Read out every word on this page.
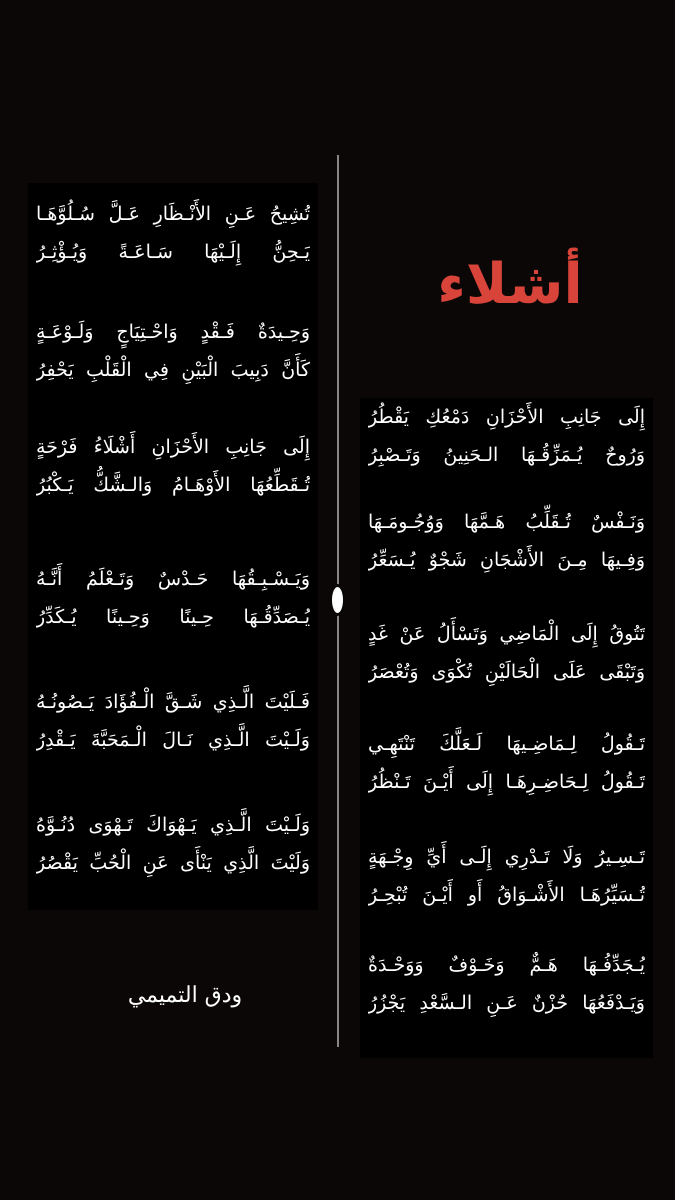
أشلاء
تُشِيحُ عَـنِ الأَنْـظَارِ عَـلَّ سُـلُوَّهَـا
يَـحِنُّ إِلَـيْهَا سَـاعَـةً وَيُـؤْثِـرُ
وَحِـيدَةٌ فَـقْدٍ وَاحْـتِيَاجٍ وَلَـوْعَـةٍ
كَأَنَّ دَبِيبَ الْبَيْنِ فِي الْقَلْبِ يَحْفِرُ
إِلَى جَانِبِ الأَحْزَانِ أَشْلَاءُ فَرْحَةٍ
تُـقَطِّعُهَا الأَوْهَـامُ وَالـشَّكُّ يَـكْبُرُ
وَيَـسْـبِـقُهَا حَـدْسٌ وَتَـعْلَمُ أَنَّـهُ
يُـصَدِّقُـهَا حِـينًا وَحِـينًا يُـكَدِّرُ
فَـلَيْتَ الَّـذِي شَـقَّ الْـفُؤَادَ يَـصُونُـهُ
وَلَـيْتَ الَّـذِي نَـالَ الْـمَحَبَّةَ يَـقْدِرُ
وَلَـيْتَ الَّـذِي يَـهْوَاكَ تَـهْوَى دُنُـوَّهُ
وَلَيْتَ الَّذِي يَنْأَى عَنِ الْحُبِّ يَقْصُرُ
إِلَى جَانِبِ الأَحْزَانِ دَمْعُكِ يَقْطُرُ
وَرُوحٌ يُـمَزِّقُـهَا الـحَنِينُ وَتَـصْبِرُ
وَنَـفْسٌ تُـقَلِّبُ هَـمَّهَا وَوُجُـومَـهَا
وَفِـيهَا مِـنَ الأَشْجَانِ شَجْوٌ يُـسَعِّرُ
تَتُوقُ إِلَى الْمَاضِي وَتَسْأَلُ عَنْ غَدٍ
وَتَبْقَى عَلَى الْحَالَيْنِ تُكْوَى وَتُعْصَرُ
تَـقُولُ لِـمَاضِـيهَا لَـعَلَّكَ تَنْتَهِـي
تَـقُولُ لِـحَاضِـرِهَـا إِلَى أَيْـنَ تَـنْظُرُ
تَـسِـيرُ وَلَا تَـدْرِي إِلَـى أَيِّ وِجْـهَةٍ
تُـسَيِّرُهَـا الأَشْـوَاقُ أَو أَيْـنَ تُبْحِـرُ
يُـجَدِّفُـهَا هَـمٌّ وَخَـوْفٌ وَوَحْـدَةٌ
وَيَـدْفَعُهَا حُزْنٌ عَـنِ الـسَّعْدِ يَجْزُرُ
ودق التميمي
